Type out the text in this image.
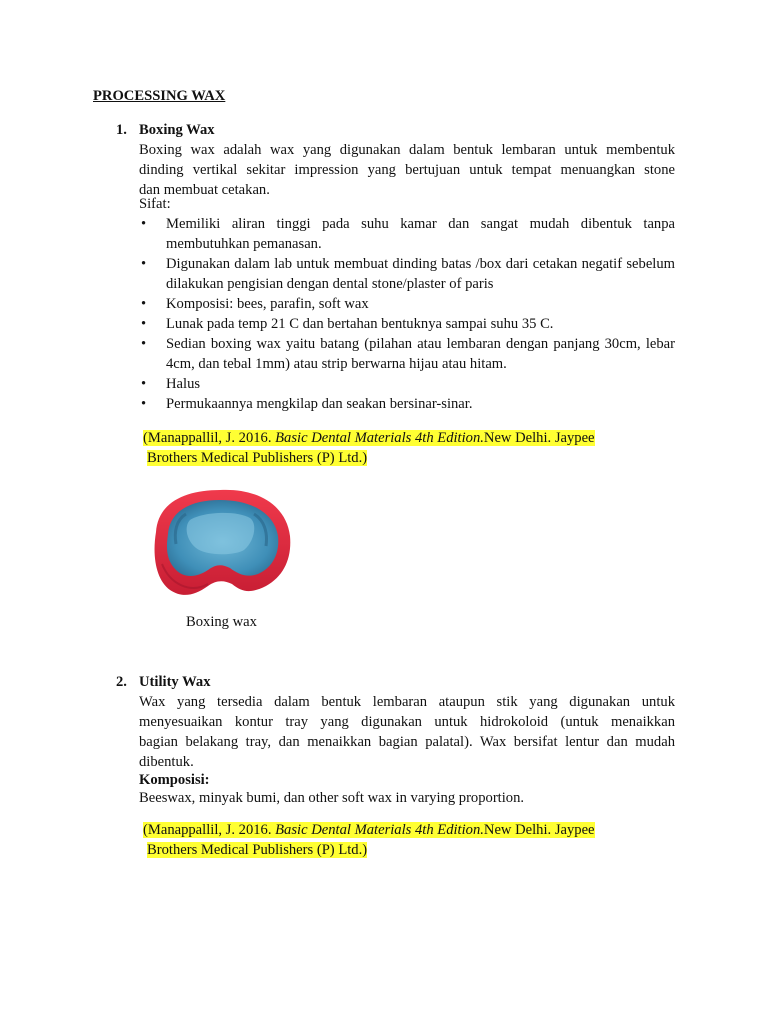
PROCESSING WAX
1. Boxing Wax
Boxing wax adalah wax yang digunakan dalam bentuk lembaran untuk membentuk
dinding vertikal sekitar impression yang bertujuan untuk tempat menuangkan stone
dan membuat cetakan.
Sifat:
• Memiliki aliran tinggi pada suhu kamar dan sangat mudah dibentuk tanpa membutuhkan pemanasan.
• Digunakan dalam lab untuk membuat dinding batas /box dari cetakan negatif sebelum dilakukan pengisian dengan dental stone/plaster of paris
• Komposisi: bees, parafin, soft wax
• Lunak pada temp 21 C dan bertahan bentuknya sampai suhu 35 C.
• Sedian boxing wax yaitu batang (pilahan atau lembaran dengan panjang 30cm, lebar 4cm, dan tebal 1mm) atau strip berwarna hijau atau hitam.
• Halus
• Permukaannya mengkilap dan seakan bersinar-sinar.
(Manappallil, J. 2016. Basic Dental Materials 4th Edition.New Delhi. Jaypee
Brothers Medical Publishers (P) Ltd.)
Boxing wax
2. Utility Wax
Wax yang tersedia dalam bentuk lembaran ataupun stik yang digunakan untuk
menyesuaikan kontur tray yang digunakan untuk hidrokoloid (untuk menaikkan
bagian belakang tray, dan menaikkan bagian palatal). Wax bersifat lentur dan mudah
dibentuk.
Komposisi:
Beeswax, minyak bumi, dan other soft wax in varying proportion.
(Manappallil, J. 2016. Basic Dental Materials 4th Edition.New Delhi. Jaypee
Brothers Medical Publishers (P) Ltd.)
